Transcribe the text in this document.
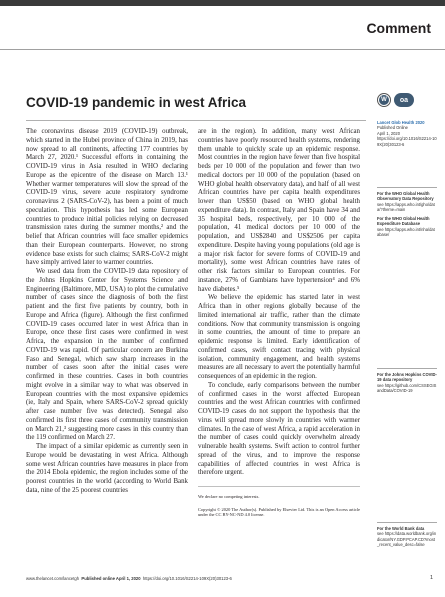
Comment
COVID-19 pandemic in west Africa

The coronavirus disease 2019 (COVID-19) outbreak, which started in the Hubei province of China in 2019, has now spread to all continents, affecting 177 countries by March 27, 2020.¹ Successful efforts in containing the COVID-19 virus in Asia resulted in WHO declaring Europe as the epicentre of the disease on March 13.¹ Whether warmer temperatures will slow the spread of the COVID-19 virus, severe acute respiratory syndrome coronavirus 2 (SARS-CoV-2), has been a point of much speculation. This hypothesis has led some European countries to produce initial policies relying on decreased transmission rates during the summer months,² and the belief that African countries will face smaller epidemics than their European counterparts. However, no strong evidence base exists for such claims; SARS-CoV-2 might have simply arrived later to warmer countries.

We used data from the COVID-19 data repository of the Johns Hopkins Center for Systems Science and Engineering (Baltimore, MD, USA) to plot the cumulative number of cases since the diagnosis of both the first patient and the first five patients by country, both in Europe and Africa (figure). Although the first confirmed COVID-19 cases occurred later in west Africa than in Europe, once these first cases were confirmed in west Africa, the expansion in the number of confirmed COVID-19 was rapid. Of particular concern are Burkina Faso and Senegal, which saw sharp increases in the number of cases soon after the initial cases were confirmed in these countries. Cases in both countries might evolve in a similar way to what was observed in European countries with the most expansive epidemics (ie, Italy and Spain, where SARS-CoV-2 spread quickly after case number five was detected). Senegal also confirmed its first three cases of community transmission on March 21,³ suggesting more cases in this country than the 119 confirmed on March 27.

The impact of a similar epidemic as currently seen in Europe would be devastating in west Africa. Although some west African countries have measures in place from the 2014 Ebola epidemic, the region includes some of the poorest countries in the world (according to World Bank data, nine of the 25 poorest countries

are in the region). In addition, many west African countries have poorly resourced health systems, rendering them unable to quickly scale up an epidemic response. Most countries in the region have fewer than five hospital beds per 10 000 of the population and fewer than two medical doctors per 10 000 of the population (based on WHO global health observatory data), and half of all west African countries have per capita health expenditures lower than US$50 (based on WHO global health expenditure data). In contrast, Italy and Spain have 34 and 35 hospital beds, respectively, per 10 000 of the population, 41 medical doctors per 10 000 of the population, and US$2840 and US$2506 per capita expenditure. Despite having young populations (old age is a major risk factor for severe forms of COVID-19 and mortality), some west African countries have rates of other risk factors similar to European countries. For instance, 27% of Gambians have hypertension⁴ and 6% have diabetes.⁵

We believe the epidemic has started later in west Africa than in other regions globally because of the limited international air traffic, rather than the climate conditions. Now that community transmission is ongoing in some countries, the amount of time to prepare an epidemic response is limited. Early identification of confirmed cases, swift contact tracing with physical isolation, community engagement, and health systems measures are all necessary to avert the potentially harmful consequences of an epidemic in the region.

To conclude, early comparisons between the number of confirmed cases in the worst affected European countries and the west African countries with confirmed COVID-19 cases do not support the hypothesis that the virus will spread more slowly in countries with warmer climates. In the case of west Africa, a rapid acceleration in the number of cases could quickly overwhelm already vulnerable health systems. Swift action to control further spread of the virus, and to improve the response capabilities of affected countries in west Africa is therefore urgent.

We declare no competing interests.

Copyright © 2020 The Author(s). Published by Elsevier Ltd. This is an Open Access article under the CC BY-NC-ND 4.0 license.

W	oa
Lancet Glob Health 2020
Published Online
April 1, 2020
https://doi.org/10.1016/S2214-109X(20)30123-6
For the WHO Global Health Observatory Data Repository
see https://apps.who.int/gho/data/?theme=main
For the WHO Global Health Expenditure Database
see https://apps.who.int/nha/database/
For the Johns Hopkins COVID-19 data repository
see https://github.com/CSSEGISandData/COVID-19
For the World Bank data
see https://data.worldbank.org/indicator/NY.GDP.PCAP.CD?most_recent_value_desc=false
www.thelancet.com/lancetgh Published online April 1, 2020 https://doi.org/10.1016/S2214-109X(20)30123-6	1
